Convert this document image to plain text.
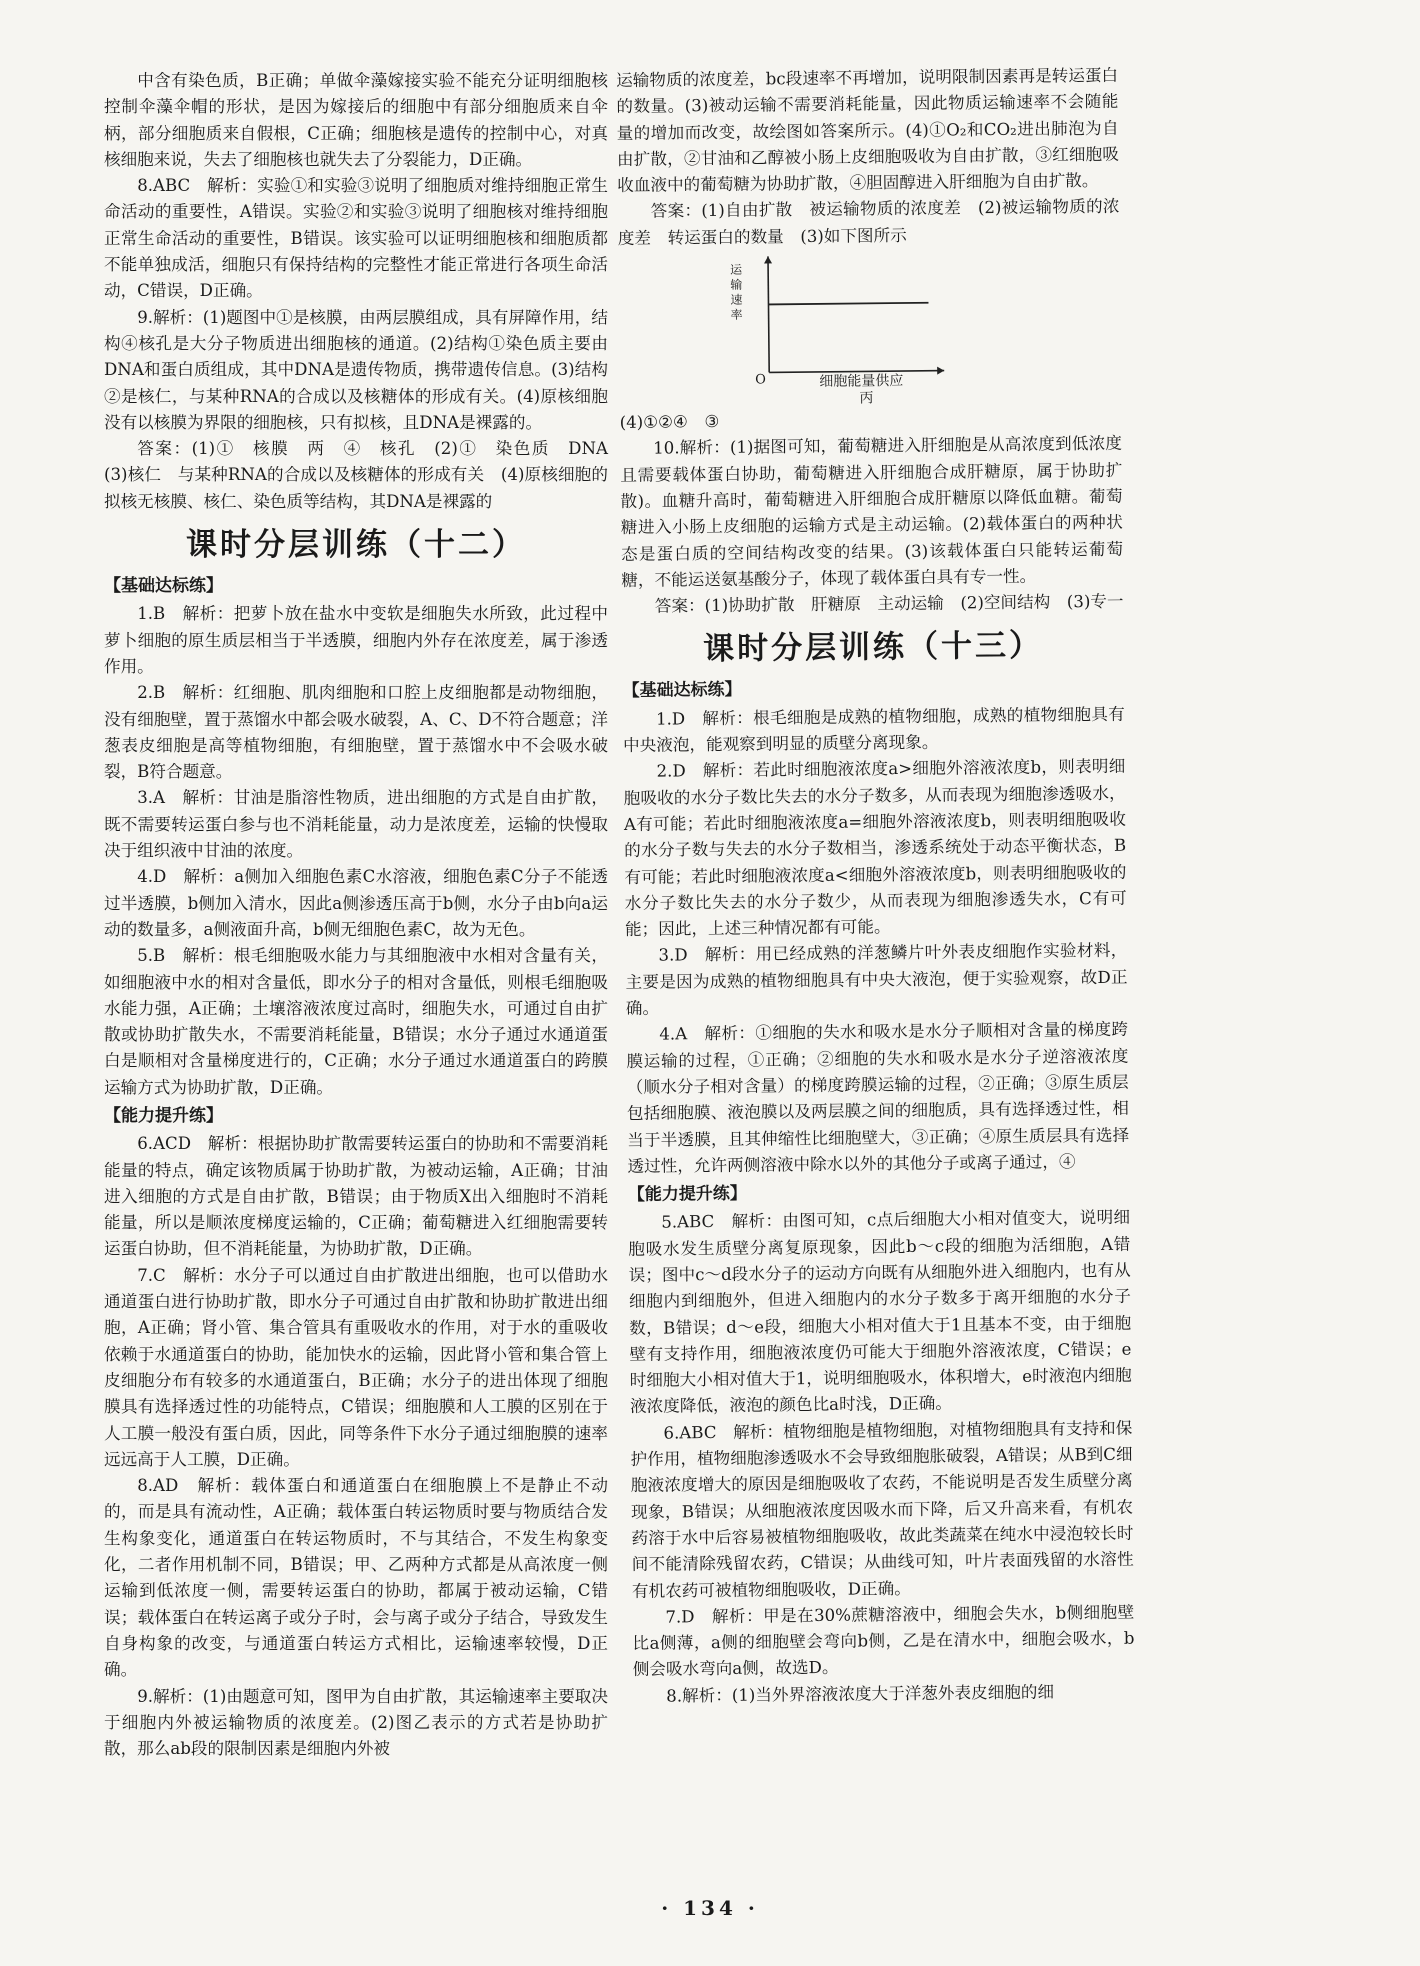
中含有染色质，B正确；单做伞藻嫁接实验不能充分证明细胞核控制伞藻伞帽的形状，是因为嫁接后的细胞中有部分细胞质来自伞柄，部分细胞质来自假根，C正确；细胞核是遗传的控制中心，对真核细胞来说，失去了细胞核也就失去了分裂能力，D正确。

8.ABC　解析：实验①和实验③说明了细胞质对维持细胞正常生命活动的重要性，A错误。实验②和实验③说明了细胞核对维持细胞正常生命活动的重要性，B错误。该实验可以证明细胞核和细胞质都不能单独成活，细胞只有保持结构的完整性才能正常进行各项生命活动，C错误，D正确。

9.解析：(1)题图中①是核膜，由两层膜组成，具有屏障作用，结构④核孔是大分子物质进出细胞核的通道。(2)结构①染色质主要由DNA和蛋白质组成，其中DNA是遗传物质，携带遗传信息。(3)结构②是核仁，与某种RNA的合成以及核糖体的形成有关。(4)原核细胞没有以核膜为界限的细胞核，只有拟核，且DNA是裸露的。

答案：(1)①　核膜　两　④　核孔　(2)①　染色质　DNA　(3)核仁　与某种RNA的合成以及核糖体的形成有关　(4)原核细胞的拟核无核膜、核仁、染色质等结构，其DNA是裸露的

课时分层训练（十二）
【基础达标练】

1.B　解析：把萝卜放在盐水中变软是细胞失水所致，此过程中萝卜细胞的原生质层相当于半透膜，细胞内外存在浓度差，属于渗透作用。

2.B　解析：红细胞、肌肉细胞和口腔上皮细胞都是动物细胞，没有细胞壁，置于蒸馏水中都会吸水破裂，A、C、D不符合题意；洋葱表皮细胞是高等植物细胞，有细胞壁，置于蒸馏水中不会吸水破裂，B符合题意。

3.A　解析：甘油是脂溶性物质，进出细胞的方式是自由扩散，既不需要转运蛋白参与也不消耗能量，动力是浓度差，运输的快慢取决于组织液中甘油的浓度。

4.D　解析：a侧加入细胞色素C水溶液，细胞色素C分子不能透过半透膜，b侧加入清水，因此a侧渗透压高于b侧，水分子由b向a运动的数量多，a侧液面升高，b侧无细胞色素C，故为无色。

5.B　解析：根毛细胞吸水能力与其细胞液中水相对含量有关，如细胞液中水的相对含量低，即水分子的相对含量低，则根毛细胞吸水能力强，A正确；土壤溶液浓度过高时，细胞失水，可通过自由扩散或协助扩散失水，不需要消耗能量，B错误；水分子通过水通道蛋白是顺相对含量梯度进行的，C正确；水分子通过水通道蛋白的跨膜运输方式为协助扩散，D正确。

【能力提升练】

6.ACD　解析：根据协助扩散需要转运蛋白的协助和不需要消耗能量的特点，确定该物质属于协助扩散，为被动运输，A正确；甘油进入细胞的方式是自由扩散，B错误；由于物质X出入细胞时不消耗能量，所以是顺浓度梯度运输的，C正确；葡萄糖进入红细胞需要转运蛋白协助，但不消耗能量，为协助扩散，D正确。

7.C　解析：水分子可以通过自由扩散进出细胞，也可以借助水通道蛋白进行协助扩散，即水分子可通过自由扩散和协助扩散进出细胞，A正确；肾小管、集合管具有重吸收水的作用，对于水的重吸收依赖于水通道蛋白的协助，能加快水的运输，因此肾小管和集合管上皮细胞分布有较多的水通道蛋白，B正确；水分子的进出体现了细胞膜具有选择透过性的功能特点，C错误；细胞膜和人工膜的区别在于人工膜一般没有蛋白质，因此，同等条件下水分子通过细胞膜的速率远远高于人工膜，D正确。

8.AD　解析：载体蛋白和通道蛋白在细胞膜上不是静止不动的，而是具有流动性，A正确；载体蛋白转运物质时要与物质结合发生构象变化，通道蛋白在转运物质时，不与其结合，不发生构象变化，二者作用机制不同，B错误；甲、乙两种方式都是从高浓度一侧运输到低浓度一侧，需要转运蛋白的协助，都属于被动运输，C错误；载体蛋白在转运离子或分子时，会与离子或分子结合，导致发生自身构象的改变，与通道蛋白转运方式相比，运输速率较慢，D正确。

9.解析：(1)由题意可知，图甲为自由扩散，其运输速率主要取决于细胞内外被运输物质的浓度差。(2)图乙表示的方式若是协助扩散，那么ab段的限制因素是细胞内外被

运输物质的浓度差，bc段速率不再增加，说明限制因素再是转运蛋白的数量。(3)被动运输不需要消耗能量，因此物质运输速率不会随能量的增加而改变，故绘图如答案所示。(4)①O₂和CO₂进出肺泡为自由扩散，②甘油和乙醇被小肠上皮细胞吸收为自由扩散，③红细胞吸收血液中的葡萄糖为协助扩散，④胆固醇进入肝细胞为自由扩散。

答案：(1)自由扩散　被运输物质的浓度差　(2)被运输物质的浓度差　转运蛋白的数量　(3)如下图所示

运输速率
O	细胞能量供应
丙

(4)①②④　③

10.解析：(1)据图可知，葡萄糖进入肝细胞是从高浓度到低浓度且需要载体蛋白协助，葡萄糖进入肝细胞合成肝糖原，属于协助扩散)。血糖升高时，葡萄糖进入肝细胞合成肝糖原以降低血糖。葡萄糖进入小肠上皮细胞的运输方式是主动运输。(2)载体蛋白的两种状态是蛋白质的空间结构改变的结果。(3)该载体蛋白只能转运葡萄糖，不能运送氨基酸分子，体现了载体蛋白具有专一性。

答案：(1)协助扩散　肝糖原　主动运输　(2)空间结构　(3)专一

课时分层训练（十三）
【基础达标练】

1.D　解析：根毛细胞是成熟的植物细胞，成熟的植物细胞具有中央液泡，能观察到明显的质壁分离现象。

2.D　解析：若此时细胞液浓度a>细胞外溶液浓度b，则表明细胞吸收的水分子数比失去的水分子数多，从而表现为细胞渗透吸水，A有可能；若此时细胞液浓度a=细胞外溶液浓度b，则表明细胞吸收的水分子数与失去的水分子数相当，渗透系统处于动态平衡状态，B有可能；若此时细胞液浓度a<细胞外溶液浓度b，则表明细胞吸收的水分子数比失去的水分子数少，从而表现为细胞渗透失水，C有可能；因此，上述三种情况都有可能。

3.D　解析：用已经成熟的洋葱鳞片叶外表皮细胞作实验材料，主要是因为成熟的植物细胞具有中央大液泡，便于实验观察，故D正确。

4.A　解析：①细胞的失水和吸水是水分子顺相对含量的梯度跨膜运输的过程，①正确；②细胞的失水和吸水是水分子逆溶液浓度（顺水分子相对含量）的梯度跨膜运输的过程，②正确；③原生质层包括细胞膜、液泡膜以及两层膜之间的细胞质，具有选择透过性，相当于半透膜，且其伸缩性比细胞壁大，③正确；④原生质层具有选择透过性，允许两侧溶液中除水以外的其他分子或离子通过，④

【能力提升练】

5.ABC　解析：由图可知，c点后细胞大小相对值变大，说明细胞吸水发生质壁分离复原现象，因此b～c段的细胞为活细胞，A错误；图中c～d段水分子的运动方向既有从细胞外进入细胞内，也有从细胞内到细胞外，但进入细胞内的水分子数多于离开细胞的水分子数，B错误；d～e段，细胞大小相对值大于1且基本不变，由于细胞壁有支持作用，细胞液浓度仍可能大于细胞外溶液浓度，C错误；e时细胞大小相对值大于1，说明细胞吸水，体积增大，e时液泡内细胞液浓度降低，液泡的颜色比a时浅，D正确。

6.ABC　解析：植物细胞是植物细胞，对植物细胞具有支持和保护作用，植物细胞渗透吸水不会导致细胞胀破裂，A错误；从B到C细胞液浓度增大的原因是细胞吸收了农药，不能说明是否发生质壁分离现象，B错误；从细胞液浓度因吸水而下降，后又升高来看，有机农药溶于水中后容易被植物细胞吸收，故此类蔬菜在纯水中浸泡较长时间不能清除残留农药，C错误；从曲线可知，叶片表面残留的水溶性有机农药可被植物细胞吸收，D正确。

7.D　解析：甲是在30%蔗糖溶液中，细胞会失水，b侧细胞壁比a侧薄，a侧的细胞壁会弯向b侧，乙是在清水中，细胞会吸水，b侧会吸水弯向a侧，故选D。

8.解析：(1)当外界溶液浓度大于洋葱外表皮细胞的细

· 134 ·
